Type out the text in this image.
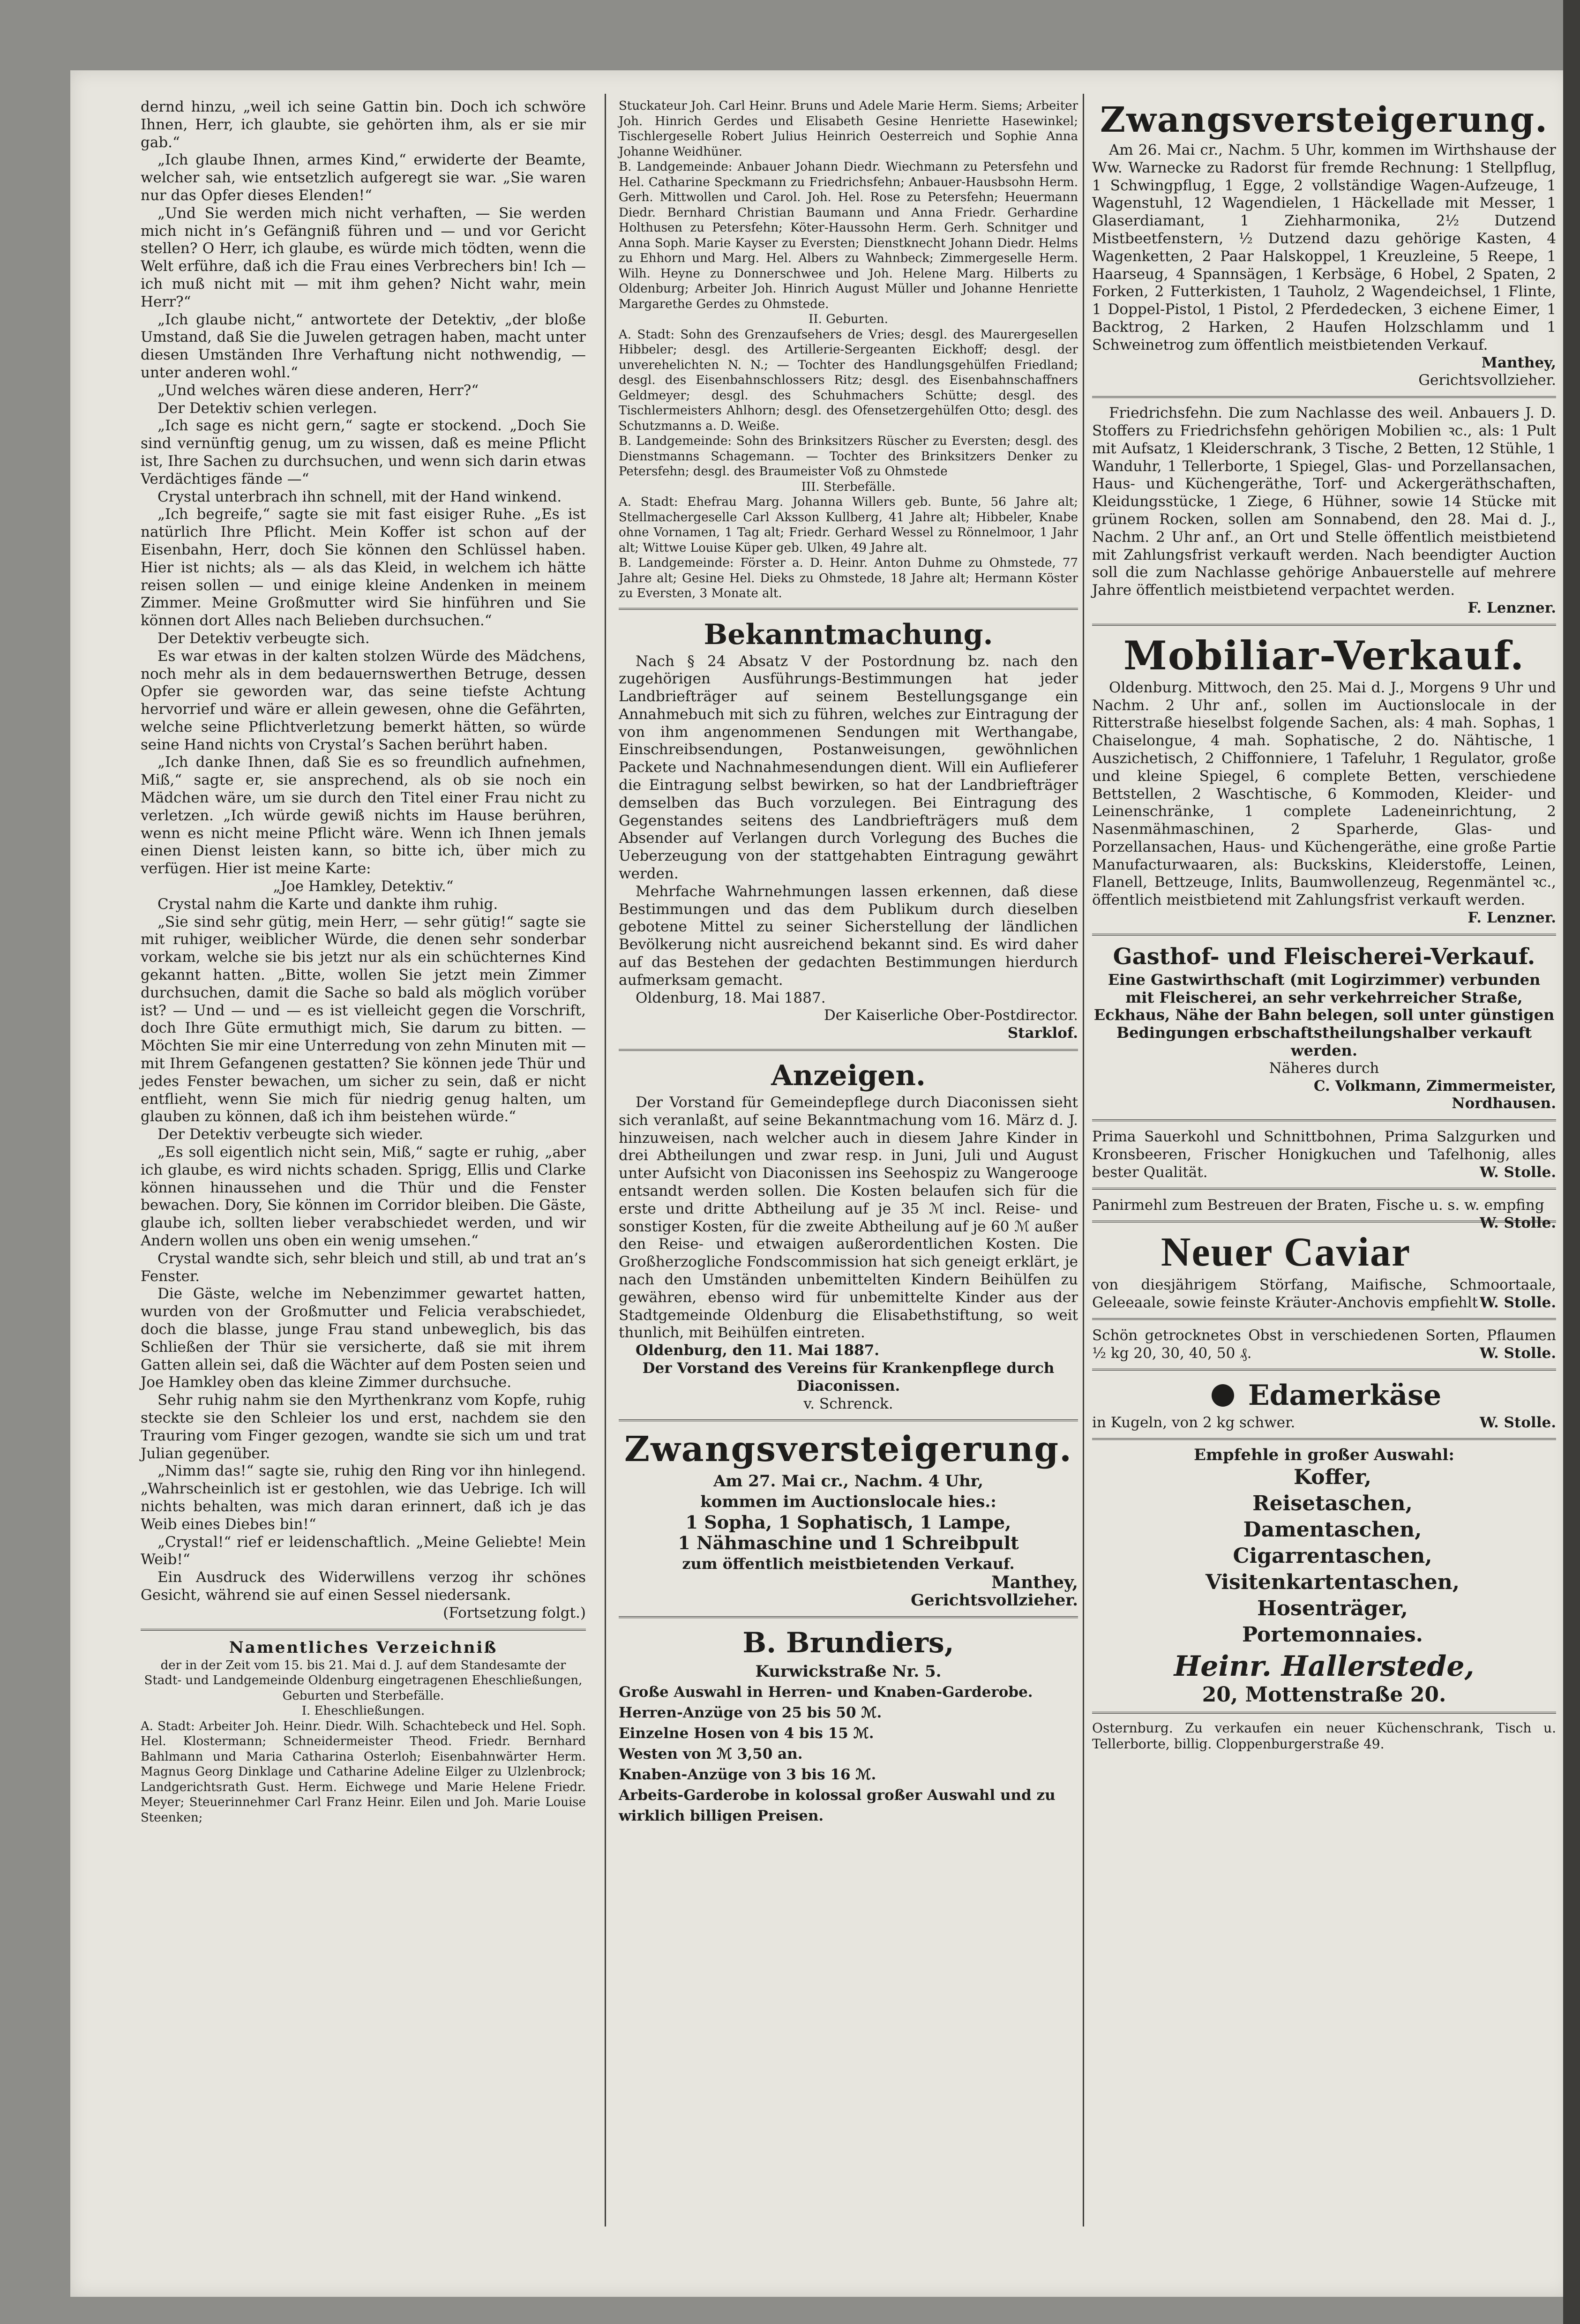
dernd hinzu, „weil ich seine Gattin bin. Doch ich schwöre Ihnen, Herr, ich glaubte, sie gehörten ihm, als er sie mir gab.“

„Ich glaube Ihnen, armes Kind,“ erwiderte der Beamte, welcher sah, wie entsetzlich aufgeregt sie war. „Sie waren nur das Opfer dieses Elenden!“

„Und Sie werden mich nicht verhaften, — Sie werden mich nicht in’s Gefängniß führen und — und vor Gericht stellen? O Herr, ich glaube, es würde mich tödten, wenn die Welt erführe, daß ich die Frau eines Verbrechers bin! Ich — ich muß nicht mit — mit ihm gehen? Nicht wahr, mein Herr?“

„Ich glaube nicht,“ antwortete der Detektiv, „der bloße Umstand, daß Sie die Juwelen getragen haben, macht unter diesen Umständen Ihre Verhaftung nicht nothwendig, — unter anderen wohl.“

„Und welches wären diese anderen, Herr?“

Der Detektiv schien verlegen.

„Ich sage es nicht gern,“ sagte er stockend. „Doch Sie sind vernünftig genug, um zu wissen, daß es meine Pflicht ist, Ihre Sachen zu durchsuchen, und wenn sich darin etwas Verdächtiges fände —“

Crystal unterbrach ihn schnell, mit der Hand winkend.

„Ich begreife,“ sagte sie mit fast eisiger Ruhe. „Es ist natürlich Ihre Pflicht. Mein Koffer ist schon auf der Eisenbahn, Herr, doch Sie können den Schlüssel haben. Hier ist nichts; als — als das Kleid, in welchem ich hätte reisen sollen — und einige kleine Andenken in meinem Zimmer. Meine Großmutter wird Sie hinführen und Sie können dort Alles nach Belieben durchsuchen.“

Der Detektiv verbeugte sich.

Es war etwas in der kalten stolzen Würde des Mädchens, noch mehr als in dem bedauernswerthen Betruge, dessen Opfer sie geworden war, das seine tiefste Achtung hervorrief und wäre er allein gewesen, ohne die Gefährten, welche seine Pflichtverletzung bemerkt hätten, so würde seine Hand nichts von Crystal’s Sachen berührt haben.

„Ich danke Ihnen, daß Sie es so freundlich aufnehmen, Miß,“ sagte er, sie ansprechend, als ob sie noch ein Mädchen wäre, um sie durch den Titel einer Frau nicht zu verletzen. „Ich würde gewiß nichts im Hause berühren, wenn es nicht meine Pflicht wäre. Wenn ich Ihnen jemals einen Dienst leisten kann, so bitte ich, über mich zu verfügen. Hier ist meine Karte:

„Joe Hamkley, Detektiv.“

Crystal nahm die Karte und dankte ihm ruhig.

„Sie sind sehr gütig, mein Herr, — sehr gütig!“ sagte sie mit ruhiger, weiblicher Würde, die denen sehr sonderbar vorkam, welche sie bis jetzt nur als ein schüchternes Kind gekannt hatten. „Bitte, wollen Sie jetzt mein Zimmer durchsuchen, damit die Sache so bald als möglich vorüber ist? — Und — und — es ist vielleicht gegen die Vorschrift, doch Ihre Güte ermuthigt mich, Sie darum zu bitten. — Möchten Sie mir eine Unterredung von zehn Minuten mit — mit Ihrem Gefangenen gestatten? Sie können jede Thür und jedes Fenster bewachen, um sicher zu sein, daß er nicht entflieht, wenn Sie mich für niedrig genug halten, um glauben zu können, daß ich ihm beistehen würde.“

Der Detektiv verbeugte sich wieder.

„Es soll eigentlich nicht sein, Miß,“ sagte er ruhig, „aber ich glaube, es wird nichts schaden. Sprigg, Ellis und Clarke können hinaussehen und die Thür und die Fenster bewachen. Dory, Sie können im Corridor bleiben. Die Gäste, glaube ich, sollten lieber verabschiedet werden, und wir Andern wollen uns oben ein wenig umsehen.“

Crystal wandte sich, sehr bleich und still, ab und trat an’s Fenster.

Die Gäste, welche im Nebenzimmer gewartet hatten, wurden von der Großmutter und Felicia verabschiedet, doch die blasse, junge Frau stand unbeweglich, bis das Schließen der Thür sie versicherte, daß sie mit ihrem Gatten allein sei, daß die Wächter auf dem Posten seien und Joe Hamkley oben das kleine Zimmer durchsuche.

Sehr ruhig nahm sie den Myrthenkranz vom Kopfe, ruhig steckte sie den Schleier los und erst, nachdem sie den Trauring vom Finger gezogen, wandte sie sich um und trat Julian gegenüber.

„Nimm das!“ sagte sie, ruhig den Ring vor ihn hinlegend. „Wahrscheinlich ist er gestohlen, wie das Uebrige. Ich will nichts behalten, was mich daran erinnert, daß ich je das Weib eines Diebes bin!“

„Crystal!“ rief er leidenschaftlich. „Meine Geliebte! Mein Weib!“

Ein Ausdruck des Widerwillens verzog ihr schönes Gesicht, während sie auf einen Sessel niedersank.

(Fortsetzung folgt.)

Namentliches Verzeichniß

der in der Zeit vom 15. bis 21. Mai d. J. auf dem Standesamte der Stadt- und Landgemeinde Oldenburg eingetragenen Eheschließungen, Geburten und Sterbefälle.

I. Eheschließungen.

A. Stadt: Arbeiter Joh. Heinr. Diedr. Wilh. Schachtebeck und Hel. Soph. Hel. Klostermann; Schneidermeister Theod. Friedr. Bernhard Bahlmann und Maria Catharina Osterloh; Eisenbahnwärter Herm. Magnus Georg Dinklage und Catharine Adeline Eilger zu Ulzlenbrock; Landgerichtsrath Gust. Herm. Eichwege und Marie Helene Friedr. Meyer; Steuerinnehmer Carl Franz Heinr. Eilen und Joh. Marie Louise Steenken;

Stuckateur Joh. Carl Heinr. Bruns und Adele Marie Herm. Siems; Arbeiter Joh. Hinrich Gerdes und Elisabeth Gesine Henriette Hasewinkel; Tischlergeselle Robert Julius Heinrich Oesterreich und Sophie Anna Johanne Weidhüner.

B. Landgemeinde: Anbauer Johann Diedr. Wiechmann zu Petersfehn und Hel. Catharine Speckmann zu Friedrichsfehn; Anbauer-Hausbsohn Herm. Gerh. Mittwollen und Carol. Joh. Hel. Rose zu Petersfehn; Heuermann Diedr. Bernhard Christian Baumann und Anna Friedr. Gerhardine Holthusen zu Petersfehn; Köter-Haussohn Herm. Gerh. Schnitger und Anna Soph. Marie Kayser zu Eversten; Dienstknecht Johann Diedr. Helms zu Ehhorn und Marg. Hel. Albers zu Wahnbeck; Zimmergeselle Herm. Wilh. Heyne zu Donnerschwee und Joh. Helene Marg. Hilberts zu Oldenburg; Arbeiter Joh. Hinrich August Müller und Johanne Henriette Margarethe Gerdes zu Ohmstede.

II. Geburten.

A. Stadt: Sohn des Grenzaufsehers de Vries; desgl. des Maurergesellen Hibbeler; desgl. des Artillerie-Sergeanten Eickhoff; desgl. der unverehelichten N. N.; — Tochter des Handlungsgehülfen Friedland; desgl. des Eisenbahnschlossers Ritz; desgl. des Eisenbahnschaffners Geldmeyer; desgl. des Schuhmachers Schütte; desgl. des Tischlermeisters Ahlhorn; desgl. des Ofensetzergehülfen Otto; desgl. des Schutzmanns a. D. Weiße.

B. Landgemeinde: Sohn des Brinksitzers Rüscher zu Eversten; desgl. des Dienstmanns Schagemann. — Tochter des Brinksitzers Denker zu Petersfehn; desgl. des Braumeister Voß zu Ohmstede

III. Sterbefälle.

A. Stadt: Ehefrau Marg. Johanna Willers geb. Bunte, 56 Jahre alt; Stellmachergeselle Carl Aksson Kullberg, 41 Jahre alt; Hibbeler, Knabe ohne Vornamen, 1 Tag alt; Friedr. Gerhard Wessel zu Rönnelmoor, 1 Jahr alt; Wittwe Louise Küper geb. Ulken, 49 Jahre alt.

B. Landgemeinde: Förster a. D. Heinr. Anton Duhme zu Ohmstede, 77 Jahre alt; Gesine Hel. Dieks zu Ohmstede, 18 Jahre alt; Hermann Köster zu Eversten, 3 Monate alt.

Bekanntmachung.

Nach § 24 Absatz V der Postordnung bz. nach den zugehörigen Ausführungs-Bestimmungen hat jeder Landbriefträger auf seinem Bestellungsgange ein Annahmebuch mit sich zu führen, welches zur Eintragung der von ihm angenommenen Sendungen mit Werthangabe, Einschreibsendungen, Postanweisungen, gewöhnlichen Packete und Nachnahmesendungen dient. Will ein Auflieferer die Eintragung selbst bewirken, so hat der Landbriefträger demselben das Buch vorzulegen. Bei Eintragung des Gegenstandes seitens des Landbriefträgers muß dem Absender auf Verlangen durch Vorlegung des Buches die Ueberzeugung von der stattgehabten Eintragung gewährt werden.

Mehrfache Wahrnehmungen lassen erkennen, daß diese Bestimmungen und das dem Publikum durch dieselben gebotene Mittel zu seiner Sicherstellung der ländlichen Bevölkerung nicht ausreichend bekannt sind. Es wird daher auf das Bestehen der gedachten Bestimmungen hierdurch aufmerksam gemacht.

Oldenburg, 18. Mai 1887.

Der Kaiserliche Ober-Postdirector.

Starklof.

Anzeigen.

Der Vorstand für Gemeindepflege durch Diaconissen sieht sich veranlaßt, auf seine Bekanntmachung vom 16. März d. J. hinzuweisen, nach welcher auch in diesem Jahre Kinder in drei Abtheilungen und zwar resp. in Juni, Juli und August unter Aufsicht von Diaconissen ins Seehospiz zu Wangerooge entsandt werden sollen. Die Kosten belaufen sich für die erste und dritte Abtheilung auf je 35 ℳ incl. Reise- und sonstiger Kosten, für die zweite Abtheilung auf je 60 ℳ außer den Reise- und etwaigen außerordentlichen Kosten. Die Großherzogliche Fondscommission hat sich geneigt erklärt, je nach den Umständen unbemittelten Kindern Beihülfen zu gewähren, ebenso wird für unbemittelte Kinder aus der Stadtgemeinde Oldenburg die Elisabethstiftung, so weit thunlich, mit Beihülfen eintreten.

Oldenburg, den 11. Mai 1887.

Der Vorstand des Vereins für Krankenpflege durch Diaconissen.

v. Schrenck.

Zwangsversteigerung.

Am 27. Mai cr., Nachm. 4 Uhr,

kommen im Auctionslocale hies.:

1 Sopha, 1 Sophatisch, 1 Lampe,

1 Nähmaschine und 1 Schreibpult

zum öffentlich meistbietenden Verkauf.

Manthey,

Gerichtsvollzieher.

B. Brundiers,

Kurwickstraße Nr. 5.

Große Auswahl in Herren- und Knaben-Garderobe.

Herren-Anzüge von 25 bis 50 ℳ.

Einzelne Hosen von 4 bis 15 ℳ.

Westen von ℳ 3,50 an.

Knaben-Anzüge von 3 bis 16 ℳ.

Arbeits-Garderobe in kolossal großer Auswahl und zu wirklich billigen Preisen.

Zwangsversteigerung.

Am 26. Mai cr., Nachm. 5 Uhr, kommen im Wirthshause der Ww. Warnecke zu Radorst für fremde Rechnung: 1 Stellpflug, 1 Schwingpflug, 1 Egge, 2 vollständige Wagen-Aufzeuge, 1 Wagenstuhl, 12 Wagendielen, 1 Häckellade mit Messer, 1 Glaserdiamant, 1 Ziehharmonika, 2½ Dutzend Mistbeetfenstern, ½ Dutzend dazu gehörige Kasten, 4 Wagenketten, 2 Paar Halskoppel, 1 Kreuzleine, 5 Reepe, 1 Haarseug, 4 Spannsägen, 1 Kerbsäge, 6 Hobel, 2 Spaten, 2 Forken, 2 Futterkisten, 1 Tauholz, 2 Wagendeichsel, 1 Flinte, 1 Doppel-Pistol, 1 Pistol, 2 Pferdedecken, 3 eichene Eimer, 1 Backtrog, 2 Harken, 2 Haufen Holzschlamm und 1 Schweinetrog zum öffentlich meistbietenden Verkauf.

Manthey,

Gerichtsvollzieher.

Friedrichsfehn. Die zum Nachlasse des weil. Anbauers J. D. Stoffers zu Friedrichsfehn gehörigen Mobilien ꝛc., als: 1 Pult mit Aufsatz, 1 Kleiderschrank, 3 Tische, 2 Betten, 12 Stühle, 1 Wanduhr, 1 Tellerborte, 1 Spiegel, Glas- und Porzellansachen, Haus- und Küchengeräthe, Torf- und Ackergeräthschaften, Kleidungsstücke, 1 Ziege, 6 Hühner, sowie 14 Stücke mit grünem Rocken, sollen am Sonnabend, den 28. Mai d. J., Nachm. 2 Uhr anf., an Ort und Stelle öffentlich meistbietend mit Zahlungsfrist verkauft werden. Nach beendigter Auction soll die zum Nachlasse gehörige Anbauerstelle auf mehrere Jahre öffentlich meistbietend verpachtet werden.

F. Lenzner.

Mobiliar-Verkauf.

Oldenburg. Mittwoch, den 25. Mai d. J., Morgens 9 Uhr und Nachm. 2 Uhr anf., sollen im Auctionslocale in der Ritterstraße hieselbst folgende Sachen, als: 4 mah. Sophas, 1 Chaiselongue, 4 mah. Sophatische, 2 do. Nähtische, 1 Auszichetisch, 2 Chiffonniere, 1 Tafeluhr, 1 Regulator, große und kleine Spiegel, 6 complete Betten, verschiedene Bettstellen, 2 Waschtische, 6 Kommoden, Kleider- und Leinenschränke, 1 complete Ladeneinrichtung, 2 Nasenmähmaschinen, 2 Sparherde, Glas- und Porzellansachen, Haus- und Küchengeräthe, eine große Partie Manufacturwaaren, als: Buckskins, Kleiderstoffe, Leinen, Flanell, Bettzeuge, Inlits, Baumwollenzeug, Regenmäntel ꝛc., öffentlich meistbietend mit Zahlungsfrist verkauft werden.

F. Lenzner.

Gasthof- und Fleischerei-Verkauf.

Eine Gastwirthschaft (mit Logirzimmer) verbunden mit Fleischerei, an sehr verkehrreicher Straße, Eckhaus, Nähe der Bahn belegen, soll unter günstigen Bedingungen erbschaftstheilungshalber verkauft werden.

Näheres durch

C. Volkmann, Zimmermeister,

Nordhausen.

Prima Sauerkohl und Schnittbohnen, Prima Salzgurken und Kronsbeeren, Frischer Honigkuchen und Tafelhonig, alles bester Qualität.	W. Stolle.

Panirmehl zum Bestreuen der Braten, Fische u. s. w. empfing
W. Stolle.

Neuer Caviar

von diesjährigem Störfang, Maifische, Schmoortaale, Geleeaale, sowie feinste Kräuter-Anchovis empfiehlt W. Stolle.

Schön getrocknetes Obst in verschiedenen Sorten, Pflaumen ½ kg 20, 30, 40, 50 ₰.	W. Stolle.

Edamerkäse

in Kugeln, von 2 kg schwer.	W. Stolle.

Empfehle in großer Auswahl:

Koffer,

Reisetaschen,

Damentaschen,

Cigarrentaschen,

Visitenkartentaschen,

Hosenträger,

Portemonnaies.

Heinr. Hallerstede,

20, Mottenstraße 20.

Osternburg. Zu verkaufen ein neuer Küchenschrank, Tisch u. Tellerborte, billig. Cloppenburgerstraße 49.
